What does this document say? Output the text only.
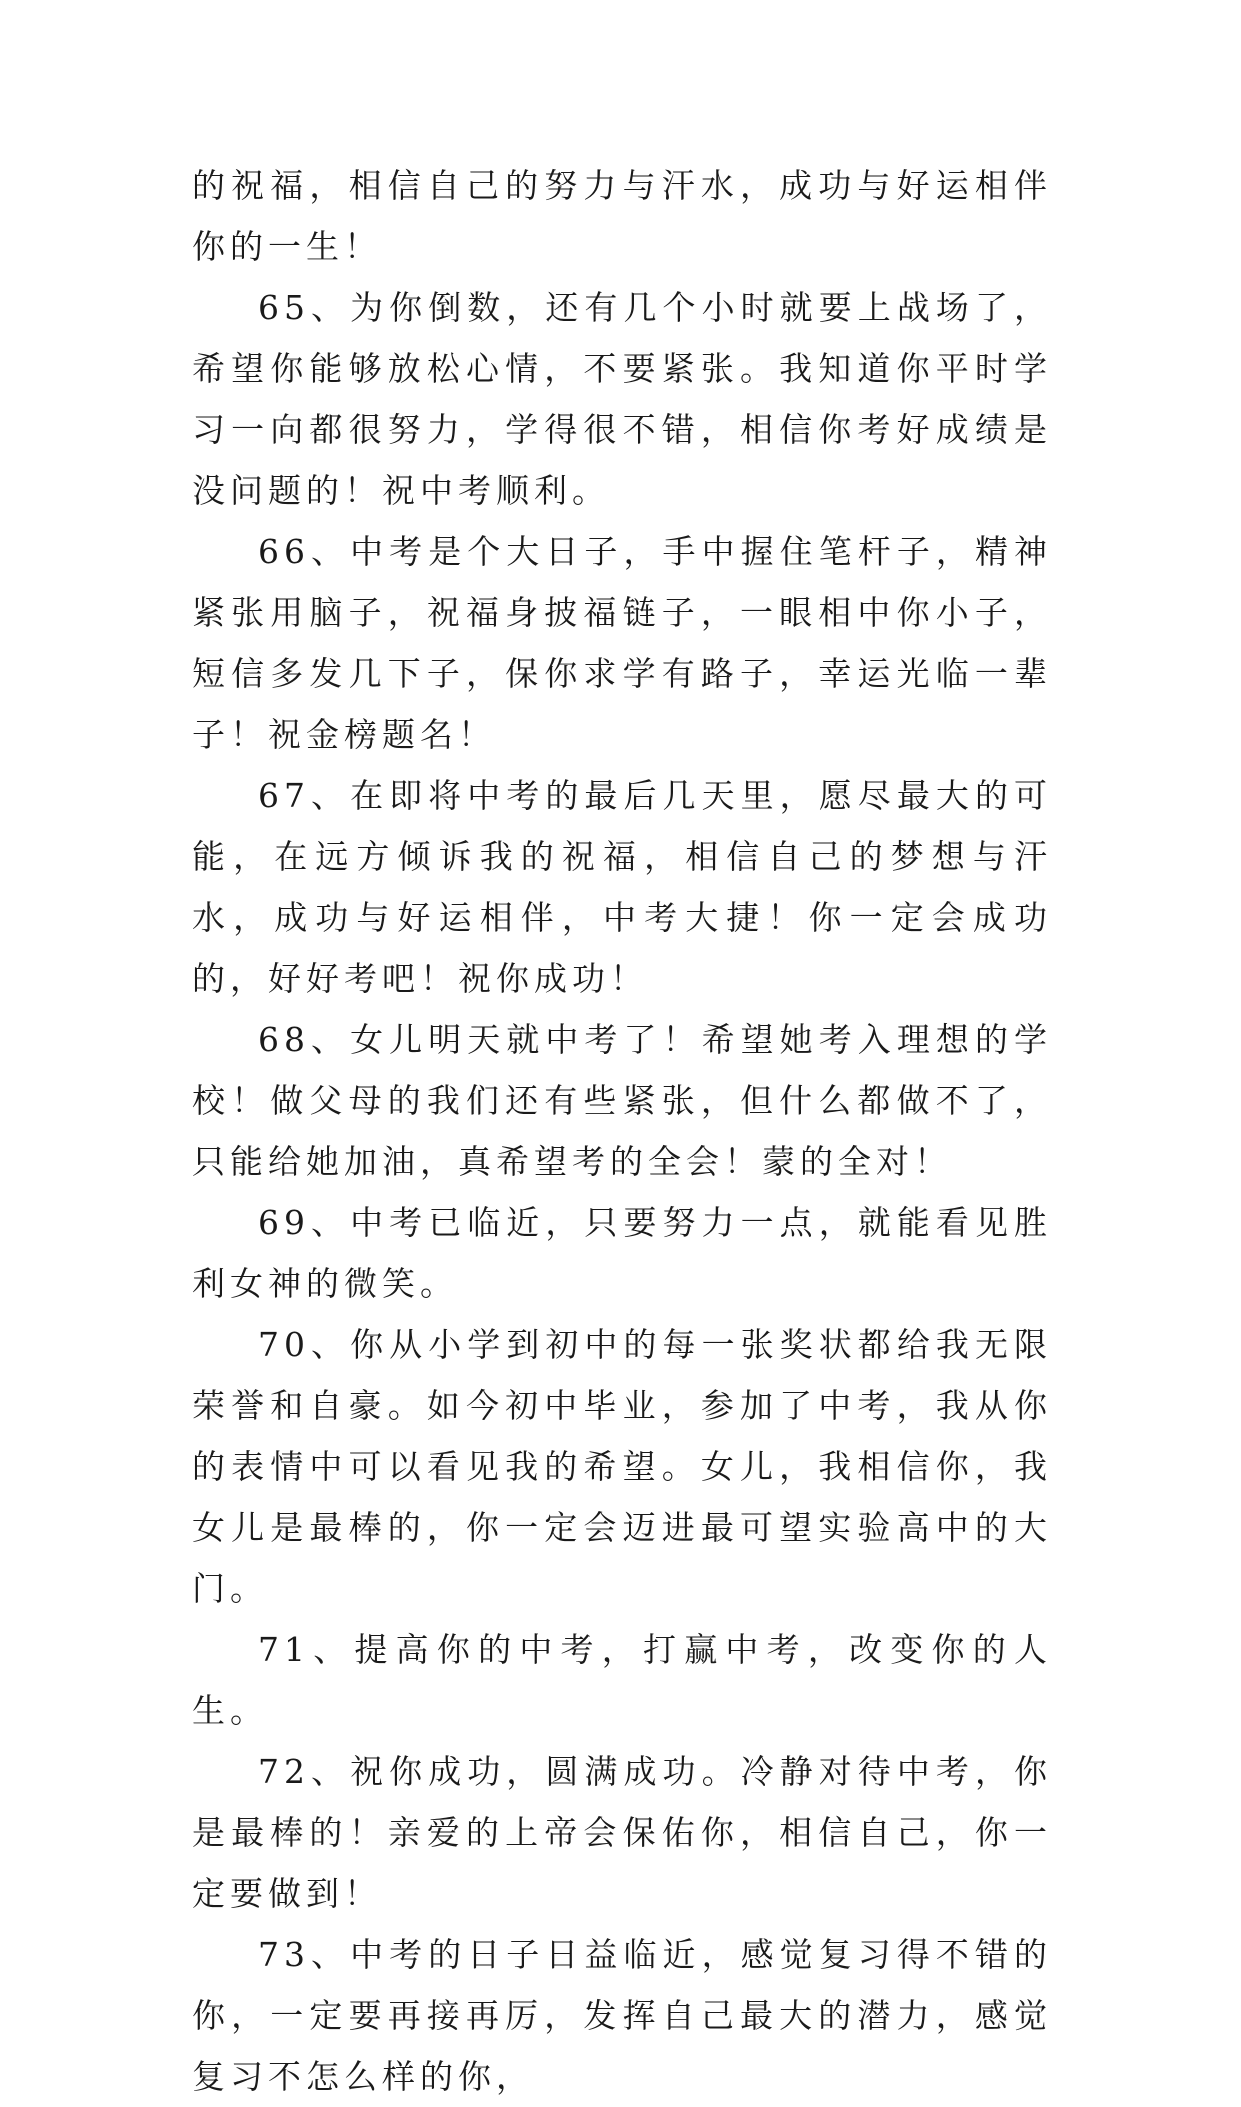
的祝福，相信自己的努力与汗水，成功与好运相伴你的一生！

65、为你倒数，还有几个小时就要上战场了，希望你能够放松心情，不要紧张。我知道你平时学习一向都很努力，学得很不错，相信你考好成绩是没问题的！祝中考顺利。

66、中考是个大日子，手中握住笔杆子，精神紧张用脑子，祝福身披福链子，一眼相中你小子，短信多发几下子，保你求学有路子，幸运光临一辈子！祝金榜题名！

67、在即将中考的最后几天里，愿尽最大的可能，在远方倾诉我的祝福，相信自己的梦想与汗水，成功与好运相伴，中考大捷！你一定会成功的，好好考吧！祝你成功！

68、女儿明天就中考了！希望她考入理想的学校！做父母的我们还有些紧张，但什么都做不了，只能给她加油，真希望考的全会！蒙的全对！

69、中考已临近，只要努力一点，就能看见胜利女神的微笑。

70、你从小学到初中的每一张奖状都给我无限荣誉和自豪。如今初中毕业，参加了中考，我从你的表情中可以看见我的希望。女儿，我相信你，我女儿是最棒的，你一定会迈进最可望实验高中的大门。

71、提高你的中考，打赢中考，改变你的人生。

72、祝你成功，圆满成功。冷静对待中考，你是最棒的！亲爱的上帝会保佑你，相信自己，你一定要做到！

73、中考的日子日益临近，感觉复习得不错的你，一定要再接再厉，发挥自己最大的潜力，感觉复习不怎么样的你，
